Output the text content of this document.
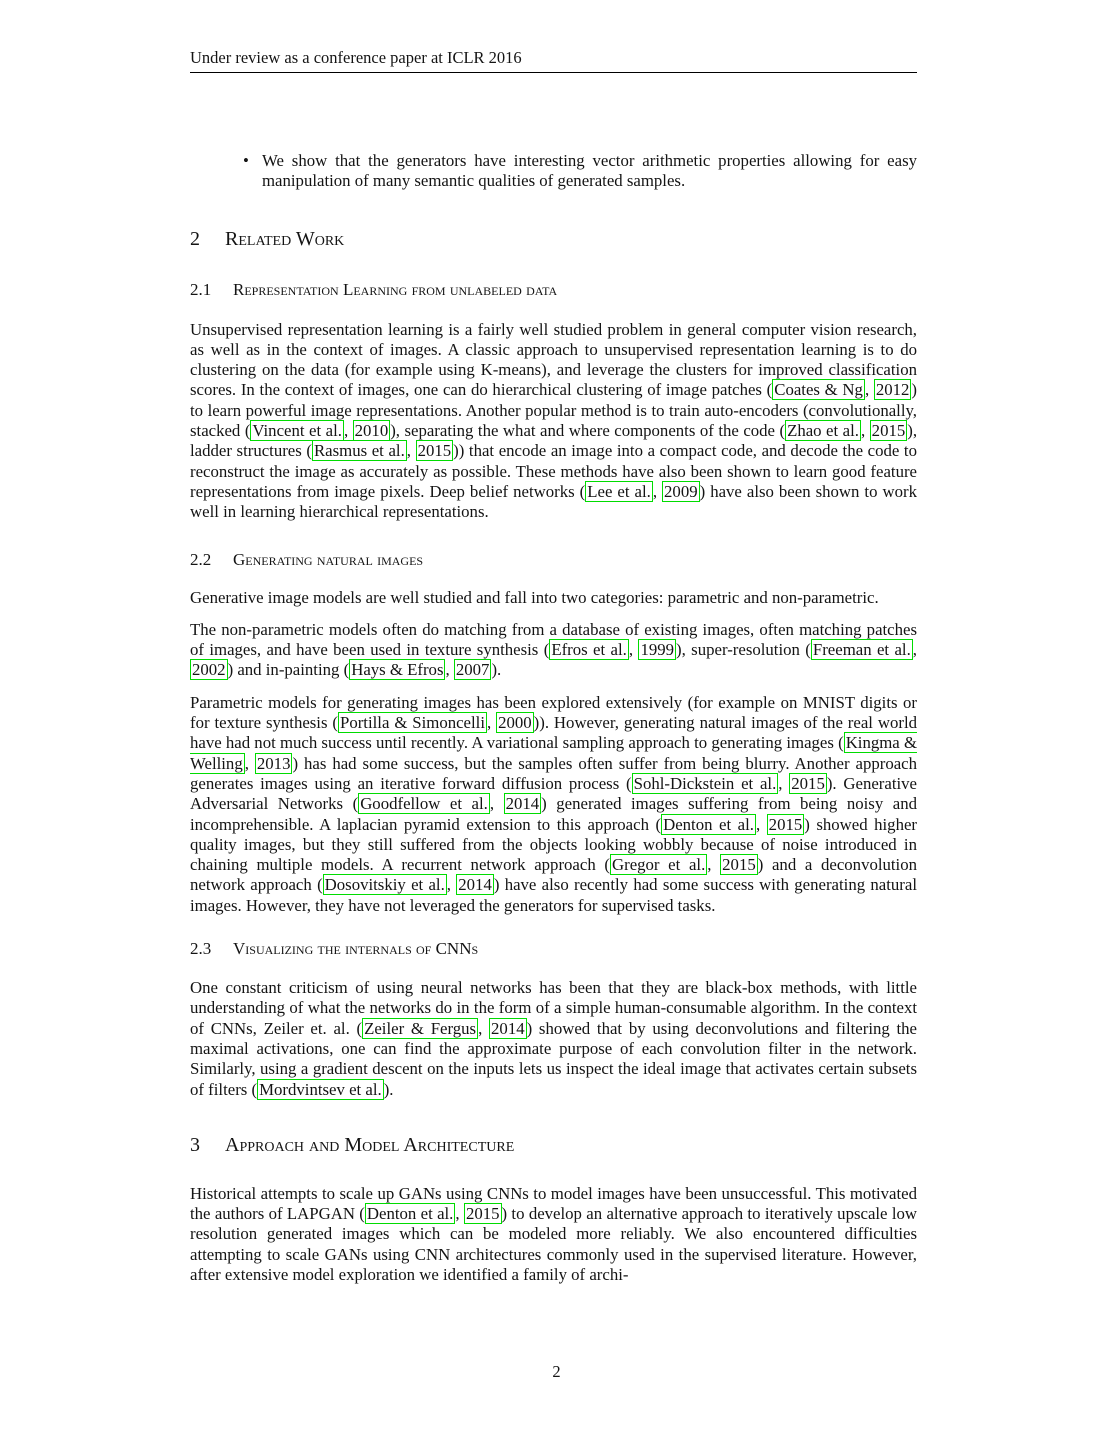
Under review as a conference paper at ICLR 2016
• We show that the generators have interesting vector arithmetic properties allowing for easy manipulation of many semantic qualities of generated samples.
2 Related Work
2.1 Representation Learning from unlabeled data

Unsupervised representation learning is a fairly well studied problem in general computer vision research, as well as in the context of images. A classic approach to unsupervised representation learning is to do clustering on the data (for example using K-means), and leverage the clusters for improved classification scores. In the context of images, one can do hierarchical clustering of image patches ( Coates & Ng , 2012 ) to learn powerful image representations. Another popular method is to train auto-encoders (convolutionally, stacked ( Vincent et al. , 2010 ), separating the what and where components of the code ( Zhao et al. , 2015 ), ladder structures ( Rasmus et al. , 2015 )) that encode an image into a compact code, and decode the code to reconstruct the image as accurately as possible. These methods have also been shown to learn good feature representations from image pixels. Deep belief networks ( Lee et al. , 2009 ) have also been shown to work well in learning hierarchical representations.

2.2 Generating natural images

Generative image models are well studied and fall into two categories: parametric and non-parametric.

The non-parametric models often do matching from a database of existing images, often matching patches of images, and have been used in texture synthesis ( Efros et al. , 1999 ), super-resolution ( Freeman et al. , 2002 ) and in-painting ( Hays & Efros , 2007 ).

Parametric models for generating images has been explored extensively (for example on MNIST digits or for texture synthesis ( Portilla & Simoncelli , 2000 )). However, generating natural images of the real world have had not much success until recently. A variational sampling approach to generating images ( Kingma & Welling , 2013 ) has had some success, but the samples often suffer from being blurry. Another approach generates images using an iterative forward diffusion process ( Sohl-Dickstein et al. , 2015 ). Generative Adversarial Networks ( Goodfellow et al. , 2014 ) generated images suffering from being noisy and incomprehensible. A laplacian pyramid extension to this approach ( Denton et al. , 2015 ) showed higher quality images, but they still suffered from the objects looking wobbly because of noise introduced in chaining multiple models. A recurrent network approach ( Gregor et al. , 2015 ) and a deconvolution network approach ( Dosovitskiy et al. , 2014 ) have also recently had some success with generating natural images. However, they have not leveraged the generators for supervised tasks.

2.3 Visualizing the internals of CNNs

One constant criticism of using neural networks has been that they are black-box methods, with little understanding of what the networks do in the form of a simple human-consumable algorithm. In the context of CNNs, Zeiler et. al. ( Zeiler & Fergus , 2014 ) showed that by using deconvolutions and filtering the maximal activations, one can find the approximate purpose of each convolution filter in the network. Similarly, using a gradient descent on the inputs lets us inspect the ideal image that activates certain subsets of filters ( Mordvintsev et al. ).

3 Approach and Model Architecture

Historical attempts to scale up GANs using CNNs to model images have been unsuccessful. This motivated the authors of LAPGAN ( Denton et al. , 2015 ) to develop an alternative approach to iteratively upscale low resolution generated images which can be modeled more reliably. We also encountered difficulties attempting to scale GANs using CNN architectures commonly used in the supervised literature. However, after extensive model exploration we identified a family of archi-

2
